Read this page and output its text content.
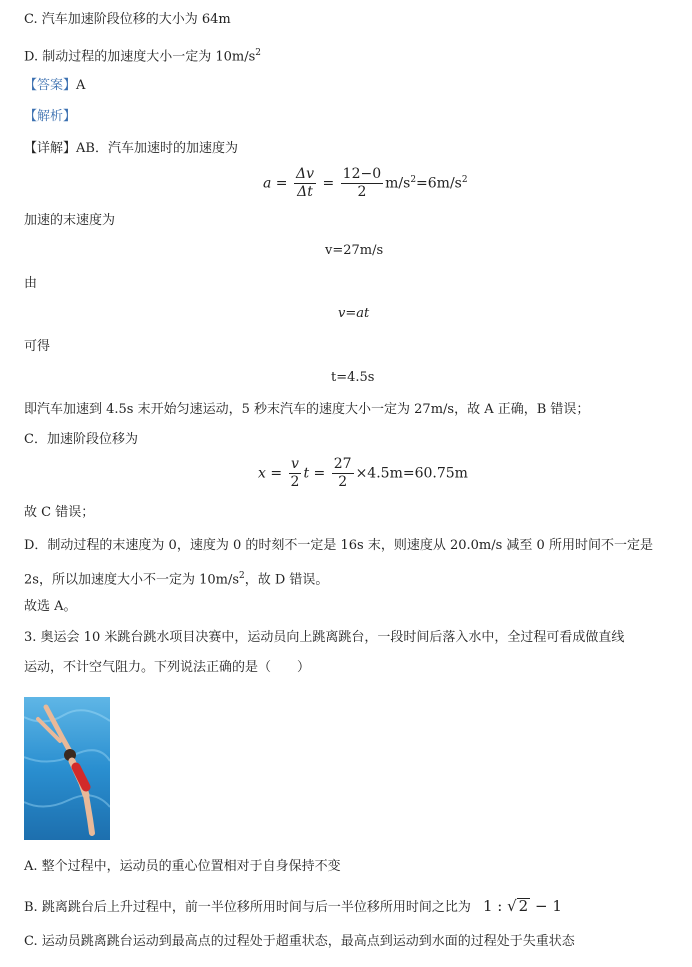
C. 汽车加速阶段位移的大小为 64m
D. 制动过程的加速度大小一定为 $10m/s^2$
【答案】A
【解析】
【详解】AB．汽车加速时的加速度为
$a = \frac{\Delta v}{\Delta t} = \frac{12-0}{2} m/s^2=6m/s^2$
加速的末速度为
v=27m/s
由
v=at
可得
t=4.5s
即汽车加速到 4.5s 末开始匀速运动，5 秒末汽车的速度大小一定为 27m/s，故 A 正确，B 错误；
C．加速阶段位移为
$x = \frac{v}{2}$ $t = \frac{27}{2} \times 4.5m=60.75m$
故 C 错误；
D．制动过程的末速度为 0，速度为 0 的时刻不一定是 16s 末，则速度从 20.0m/s 减至 0 所用时间不一定是
2s，所以加速度大小不一定为 $10m/s^2$，故 D 错误。
故选 A。
3. 奥运会 10 米跳台跳水项目决赛中，运动员向上跳离跳台，一段时间后落入水中，全过程可看成做直线
运动，不计空气阻力。下列说法正确的是（　　）
A. 整个过程中，运动员的重心位置相对于自身保持不变
B. 跳离跳台后上升过程中，前一半位移所用时间与后一半位移所用时间之比为 1 : √ 2 − 1
C. 运动员跳离跳台运动到最高点的过程处于超重状态，最高点到运动到水面的过程处于失重状态
